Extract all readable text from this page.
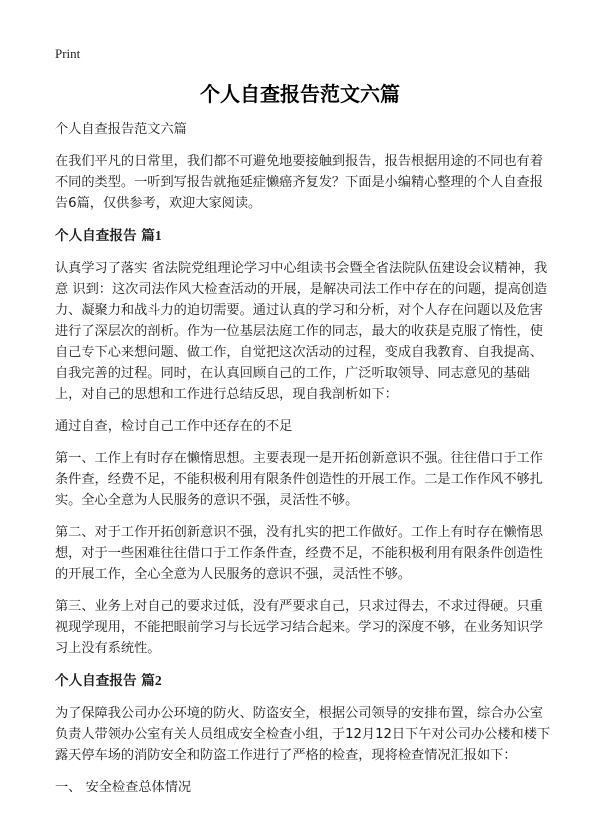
Print
个人自查报告范文六篇

个人自查报告范文六篇

在我们平凡的日常里，我们都不可避免地要接触到报告，报告根据用途的不同也有着不同的类型。一听到写报告就拖延症懒癌齐复发？下面是小编精心整理的个人自查报告6篇，仅供参考，欢迎大家阅读。

个人自查报告 篇1

认真学习了落实 省法院党组理论学习中心组读书会暨全省法院队伍建设会议精神，我意 识到：这次司法作风大检查活动的开展，是解决司法工作中存在的问题，提高创造力、凝聚力和战斗力的迫切需要。通过认真的学习和分析，对个人存在问题以及危害进行了深层次的剖析。作为一位基层法庭工作的同志，最大的收获是克服了惰性，使自己专下心来想问题、做工作，自觉把这次活动的过程，变成自我教育、自我提高、自我完善的过程。同时，在认真回顾自己的工作，广泛听取领导、同志意见的基础上，对自己的思想和工作进行总结反思，现自我剖析如下：

通过自查，检讨自己工作中还存在的不足

第一、工作上有时存在懒惰思想。主要表现一是开拓创新意识不强。往往借口于工作条件查，经费不足，不能积极利用有限条件创造性的开展工作。二是工作作风不够扎实。全心全意为人民服务的意识不强，灵活性不够。

第二、对于工作开拓创新意识不强，没有扎实的把工作做好。工作上有时存在懒惰思想，对于一些困难往往借口于工作条件查，经费不足，不能积极利用有限条件创造性的开展工作，全心全意为人民服务的意识不强，灵活性不够。

第三、业务上对自己的要求过低，没有严要求自己，只求过得去，不求过得硬。只重视现学现用，不能把眼前学习与长远学习结合起来。学习的深度不够，在业务知识学习上没有系统性。

个人自查报告 篇2

为了保障我公司办公环境的防火、防盗安全，根据公司领导的安排布置，综合办公室负责人带领办公室有关人员组成安全检查小组，于12月12日下午对公司办公楼和楼下露天停车场的消防安全和防盗工作进行了严格的检查，现将检查情况汇报如下：

一、 安全检查总体情况
